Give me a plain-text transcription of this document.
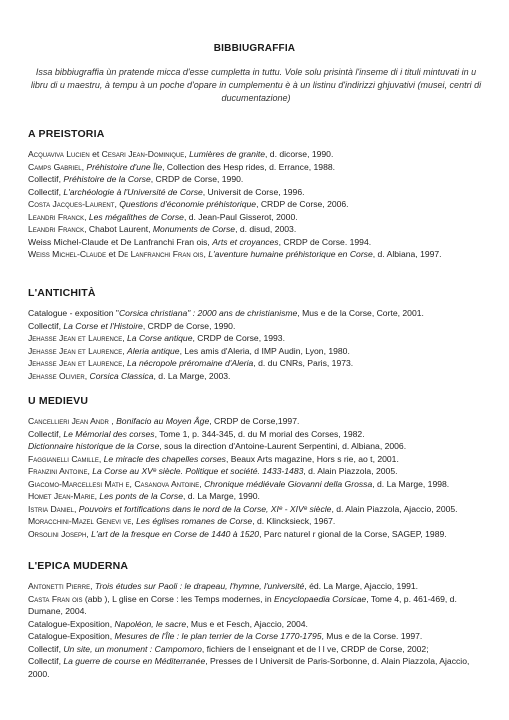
BIBBIUGRAFFIA
Issa bibbiugraffia ùn pratende micca d'esse cumpletta in tuttu. Vole solu prisintà l'inseme di i tituli mintuvati in u libru di u maestru, à tempu à un poche d'opare in cumplementu è à un listinu d'indirizzi ghjuvativi (musei, centri di ducumentazione)
A PREISTORIA
Acquaviva Lucien et Cesari Jean-Dominique, Lumières de granite, d. dicorse, 1990.
Camps Gabriel, Préhistoire d'une Île, Collection des Hesp rides, d. Errance, 1988.
Collectif, Préhistoire de la Corse, CRDP de Corse, 1990.
Collectif, L'archéologie à l'Université de Corse, Universit de Corse, 1996.
Costa Jacques-Laurent, Questions d'économie préhistorique, CRDP de Corse, 2006.
Leandri Franck, Les mégalithes de Corse, d. Jean-Paul Gisserot, 2000.
Leandri Franck, Chabot Laurent, Monuments de Corse, d. disud, 2003.
Weiss Michel-Claude et De Lanfranchi Fran ois, Arts et croyances, CRDP de Corse. 1994.
Weiss Michel-Claude et De Lanfranchi Fran ois, L'aventure humaine préhistorique en Corse, d. Albiana, 1997.
L'ANTICHITÀ
Catalogue - exposition "Corsica christiana" : 2000 ans de christianisme, Mus e de la Corse, Corte, 2001.
Collectif, La Corse et l'Histoire, CRDP de Corse, 1990.
Jehasse Jean et Laurence, La Corse antique, CRDP de Corse, 1993.
Jehasse Jean et Laurence, Aleria antique, Les amis d'Aleria, d IMP Audin, Lyon, 1980.
Jehasse Jean et Laurence, La nécropole préromaine d'Aleria, d. du CNRs, Paris, 1973.
Jehasse Olivier, Corsica Classica, d. La Marge, 2003.
U MEDIEVU
Cancellieri Jean Andr , Bonifacio au Moyen Âge, CRDP de Corse,1997.
Collectif, Le Mémorial des corses, Tome 1, p. 344-345, d. du M morial des Corses, 1982.
Dictionnaire historique de la Corse, sous la direction d'Antoine-Laurent Serpentini, d. Albiana, 2006.
Faggianelli Camille, Le miracle des chapelles corses, Beaux Arts magazine, Hors s rie, ao t, 2001.
Franzini Antoine, La Corse au XVᵉ siècle. Politique et société. 1433-1483, d. Alain Piazzola, 2005.
Giacomo-Marcellesi Math e, Casanova Antoine, Chronique médiévale Giovanni della Grossa, d. La Marge, 1998.
Homet Jean-Marie, Les ponts de la Corse, d. La Marge, 1990.
Istria Daniel, Pouvoirs et fortifications dans le nord de la Corse, XIᵉ - XIVᵉ siècle, d. Alain Piazzola, Ajaccio, 2005.
Moracchini-Mazel Genevi ve, Les églises romanes de Corse, d. Klincksieck, 1967.
Orsolini Joseph, L'art de la fresque en Corse de 1440 à 1520, Parc naturel r gional de la Corse, SAGEP, 1989.
L'EPICA MUDERNA
Antonetti Pierre, Trois études sur Paoli : le drapeau, l'hymne, l'université, éd. La Marge, Ajaccio, 1991.
Casta Fran ois (abb ), L glise en Corse : les Temps modernes, in Encyclopaedia Corsicae, Tome 4, p. 461-469, d. Dumane, 2004.
Catalogue-Exposition, Napoléon, le sacre, Mus e et Fesch, Ajaccio, 2004.
Catalogue-Exposition, Mesures de l'Île : le plan terrier de la Corse 1770-1795, Mus e de la Corse. 1997.
Collectif, Un site, un monument : Campomoro, fichiers de l enseignant et de l l ve, CRDP de Corse, 2002;
Collectif, La guerre de course en Méditerranée, Presses de l Universit de Paris-Sorbonne, d. Alain Piazzola, Ajaccio, 2000.
